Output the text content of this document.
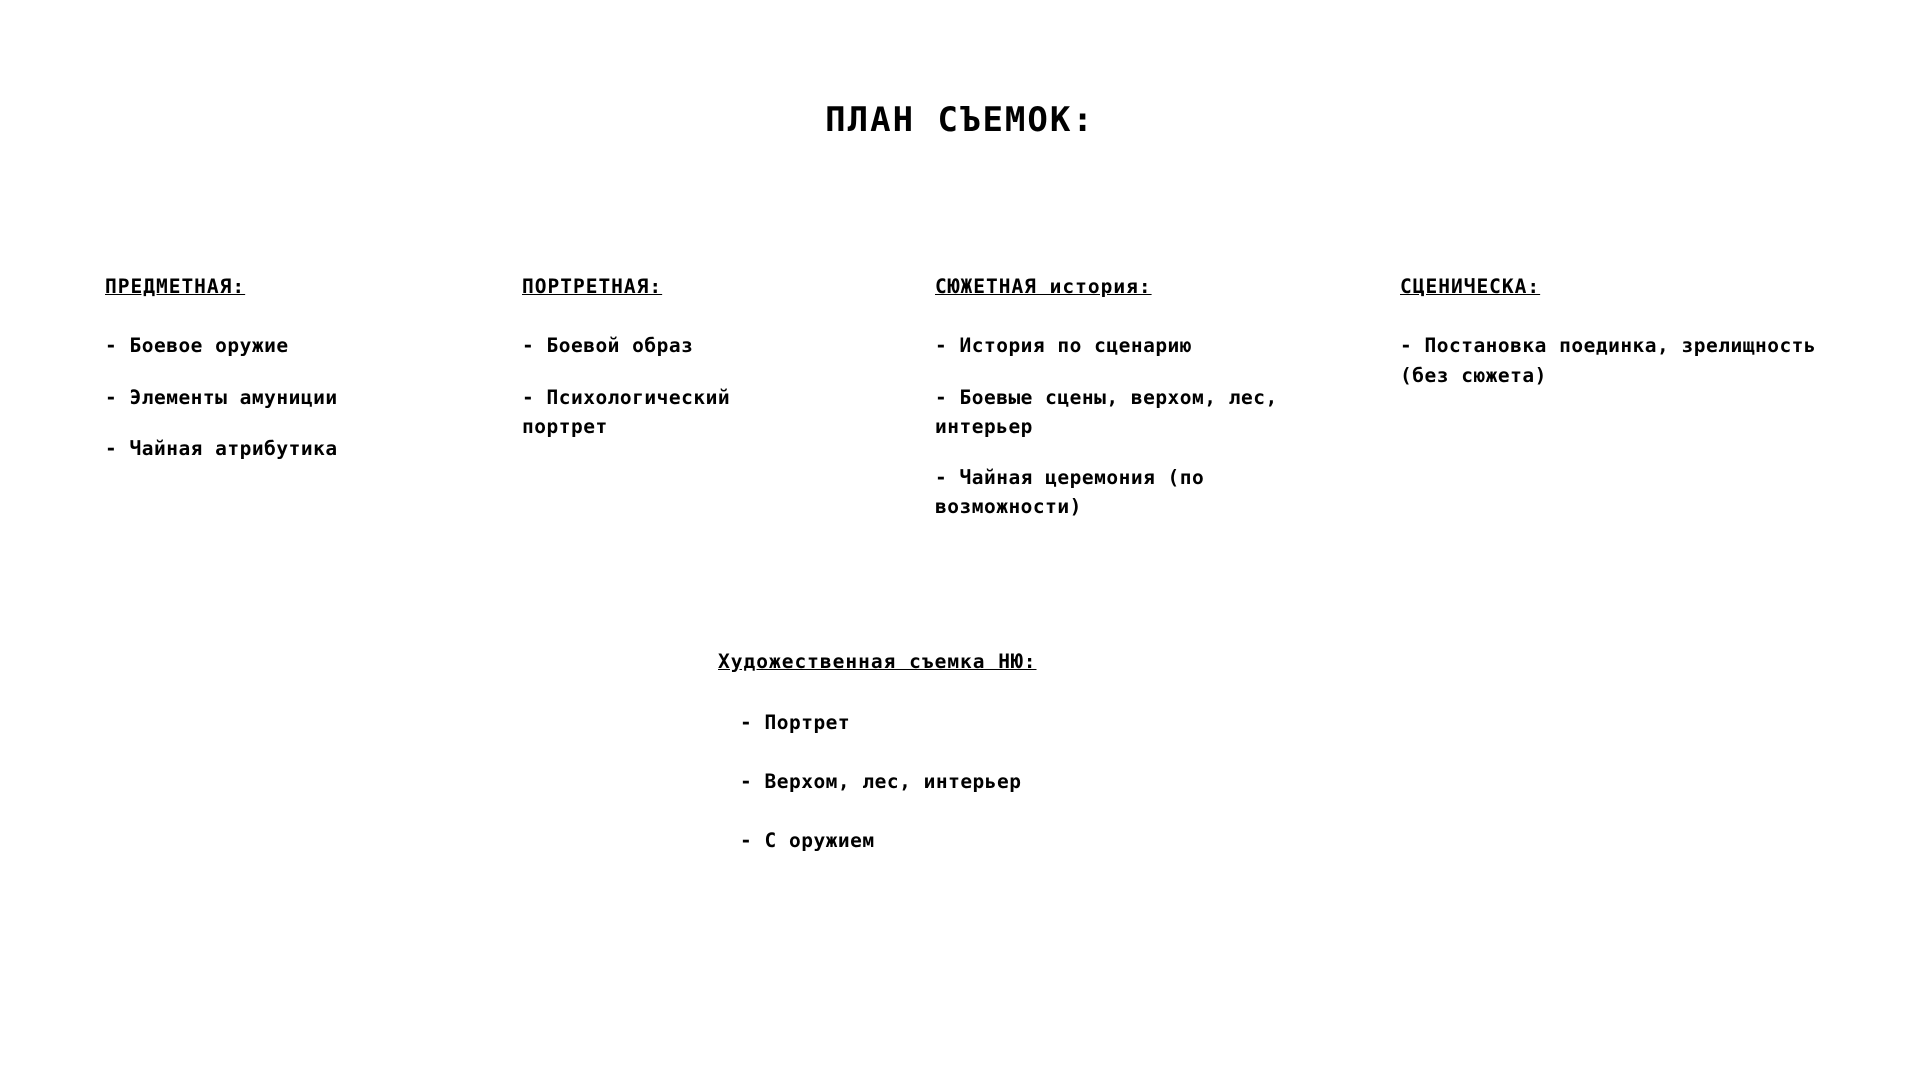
ПЛАН СЪЕМОК:
ПРЕДМЕТНАЯ:
- Боевое оружие
- Элементы амуниции
- Чайная атрибутика
ПОРТРЕТНАЯ:
- Боевой образ
- Психологический портрет
СЮЖЕТНАЯ история:
- История по сценарию
- Боевые сцены, верхом, лес, интерьер
- Чайная церемония (по возможности)
СЦЕНИЧЕСКА:
- Постановка поединка, зрелищность (без сюжета)
Художественная съемка НЮ:
- Портрет
- Верхом, лес, интерьер
- С оружием
